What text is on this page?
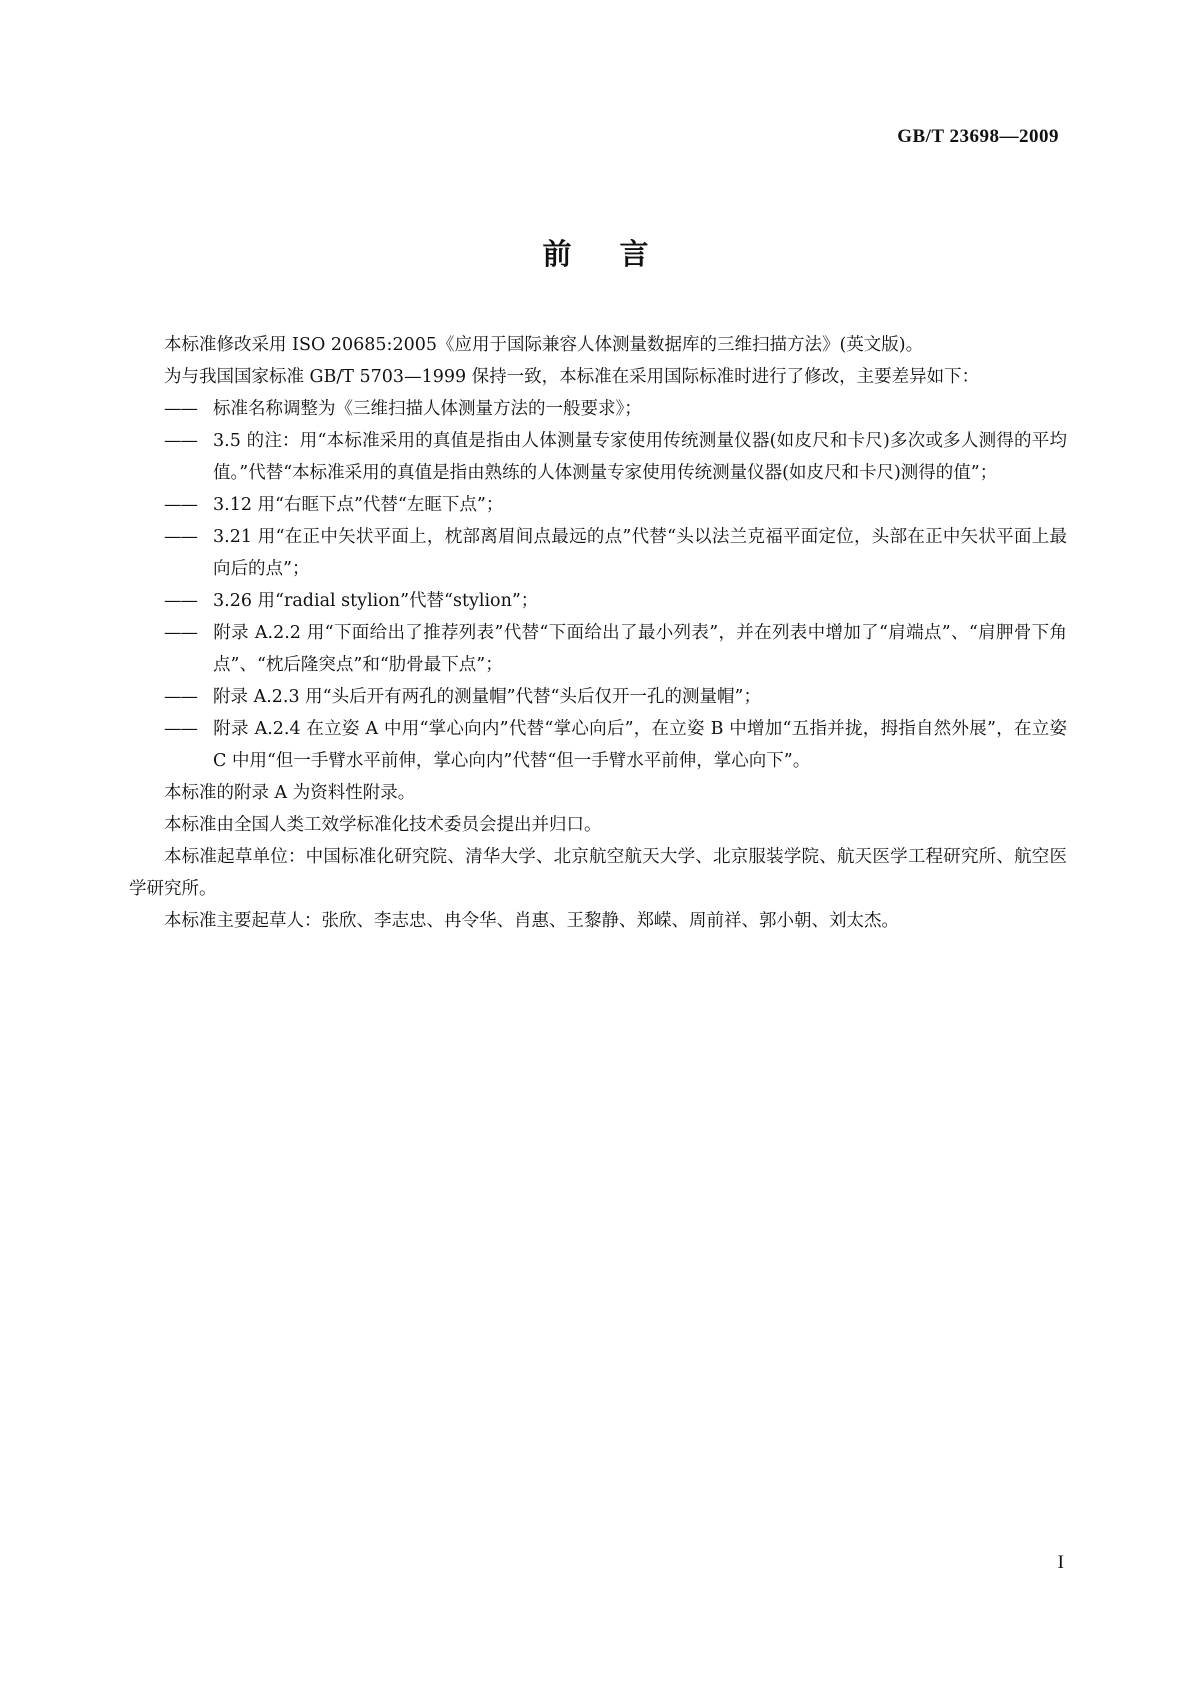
GB/T 23698—2009
前言

本标准修改采用 ISO 20685:2005《应用于国际兼容人体测量数据库的三维扫描方法》(英文版)。

为与我国国家标准 GB/T 5703—1999 保持一致，本标准在采用国际标准时进行了修改，主要差异如下：

—— 标准名称调整为《三维扫描人体测量方法的一般要求》；

—— 3.5 的注：用“本标准采用的真值是指由人体测量专家使用传统测量仪器(如皮尺和卡尺)多次或多人测得的平均值。”代替“本标准采用的真值是指由熟练的人体测量专家使用传统测量仪器(如皮尺和卡尺)测得的值”；

—— 3.12 用“右眶下点”代替“左眶下点”；

—— 3.21 用“在正中矢状平面上，枕部离眉间点最远的点”代替“头以法兰克福平面定位，头部在正中矢状平面上最向后的点”；

—— 3.26 用“radial stylion”代替“stylion”；

—— 附录 A.2.2 用“下面给出了推荐列表”代替“下面给出了最小列表”，并在列表中增加了“肩端点”、“肩胛骨下角点”、“枕后隆突点”和“肋骨最下点”；

—— 附录 A.2.3 用“头后开有两孔的测量帽”代替“头后仅开一孔的测量帽”；

—— 附录 A.2.4 在立姿 A 中用“掌心向内”代替“掌心向后”，在立姿 B 中增加“五指并拢，拇指自然外展”，在立姿 C 中用“但一手臂水平前伸，掌心向内”代替“但一手臂水平前伸，掌心向下”。

本标准的附录 A 为资料性附录。

本标准由全国人类工效学标准化技术委员会提出并归口。

本标准起草单位：中国标准化研究院、清华大学、北京航空航天大学、北京服装学院、航天医学工程研究所、航空医学研究所。

本标准主要起草人：张欣、李志忠、冉令华、肖惠、王黎静、郑嵘、周前祥、郭小朝、刘太杰。

I
